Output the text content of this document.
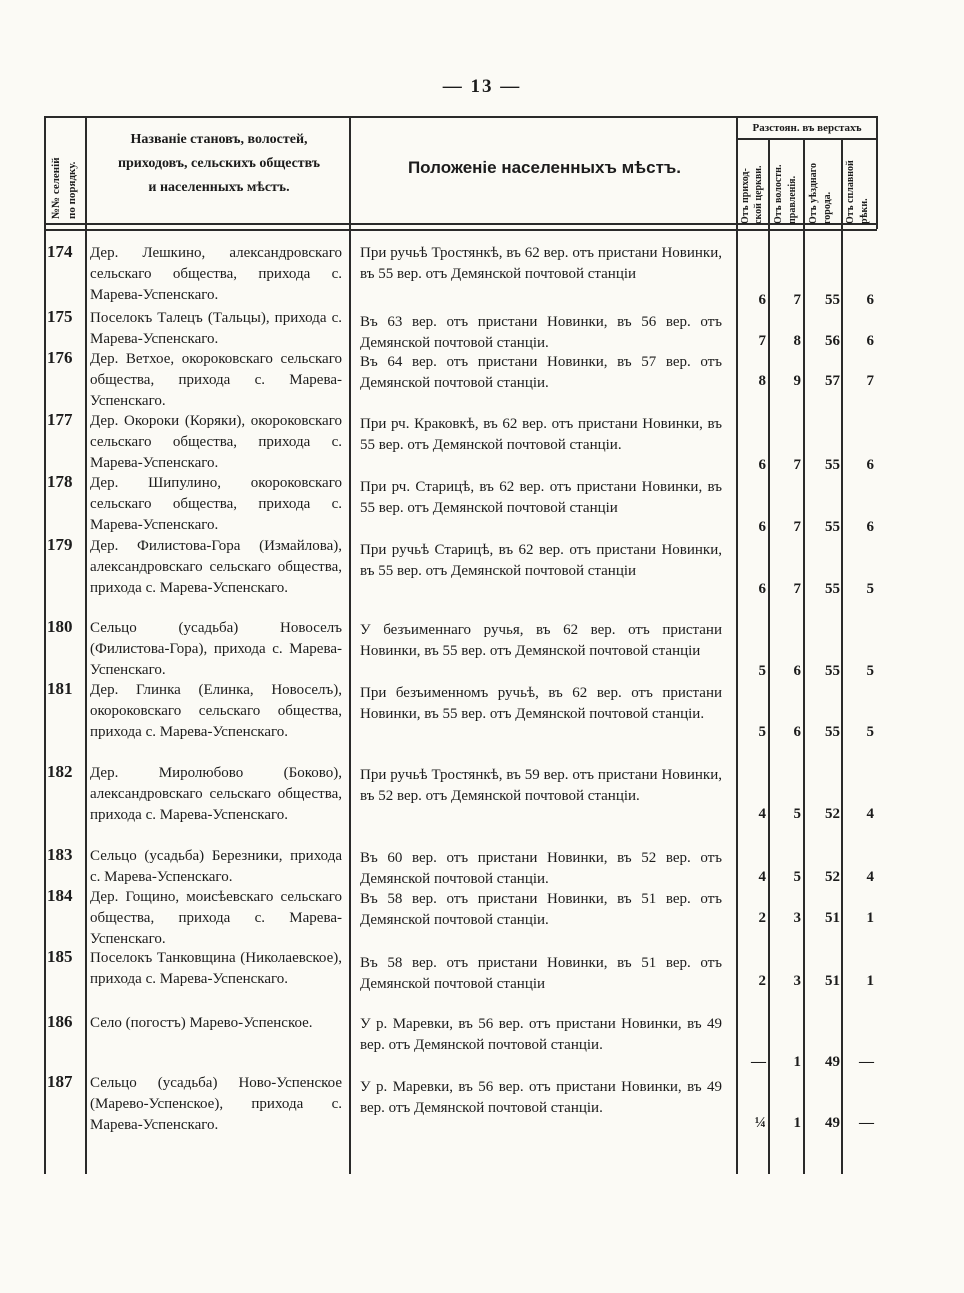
— 13 —
№№ селеній по порядку.
Названіе становъ, волостей,
приходовъ, сельскихъ обществъ
и населенныхъ мѣстъ.
Положеніе населенныхъ мѣстъ.
Разстоян. въ верстахъ
Отъ приход- ской церкви. Отъ волостн. правленія. Отъ уѣзднаго города. Отъ сплавной рѣки.
174	Дер. Лешкино, александровскаго сельскаго общества, прихода с. Марева-Успенскаго.
При ручьѣ Тростянкѣ, въ 62 вер. отъ пристани Новинки, въ 55 вер. отъ Демянской почтовой станціи
6	7	55	6
175	Поселокъ Талецъ (Тальцы), прихода с. Марева-Успенскаго.
Въ 63 вер. отъ пристани Новинки, въ 56 вер. отъ Демянской почтовой станціи.	7	8	56	6
176	Дер. Ветхое, окороковскаго сельскаго общества, прихода с. Марева-Успенскаго.
Въ 64 вер. отъ пристани Новинки, въ 57 вер. отъ Демянской почтовой станціи.	8	9	57	7
177	Дер. Окороки (Коряки), окороковскаго сельскаго общества, прихода с. Марева-Успенскаго.
При рч. Краковкѣ, въ 62 вер. отъ пристани Новинки, въ 55 вер. отъ Демянской почтовой станціи.
6	7	55	6
178	Дер. Шипулино, окороковскаго сельскаго общества, прихода с. Марева-Успенскаго.
При рч. Старицѣ, въ 62 вер. отъ пристани Новинки, въ 55 вер. отъ Демянской почтовой станціи
6	7	55	6
179	Дер. Филистова-Гора (Измайлова), александровскаго сельскаго общества, прихода с. Марева-Успенскаго.
При ручьѣ Старицѣ, въ 62 вер. отъ пристани Новинки, въ 55 вер. отъ Демянской почтовой станціи
6	7	55	5
180	Сельцо (усадьба) Новоселъ (Филистова-Гора), прихода с. Марева-Успенскаго.
У безъименнаго ручья, въ 62 вер. отъ пристани Новинки, въ 55 вер. отъ Демянской почтовой станціи
5	6	55	5
181	Дер. Глинка (Елинка, Новоселъ), окороковскаго сельскаго общества, прихода с. Марева-Успенскаго.
При безъименномъ ручьѣ, въ 62 вер. отъ пристани Новинки, въ 55 вер. отъ Демянской почтовой станціи.
5	6	55	5
182	Дер. Миролюбово (Боково), александровскаго сельскаго общества, прихода с. Марева-Успенскаго.
При ручьѣ Тростянкѣ, въ 59 вер. отъ пристани Новинки, въ 52 вер. отъ Демянской почтовой станціи.
4	5	52	4
183	Сельцо (усадьба) Березники, прихода с. Марева-Успенскаго.
Въ 60 вер. отъ пристани Новинки, въ 52 вер. отъ Демянской почтовой станціи.	4	5	52	4
184	Дер. Гощино, моисѣевскаго сельскаго общества, прихода с. Марева-Успенскаго.
Въ 58 вер. отъ пристани Новинки, въ 51 вер. отъ Демянской почтовой станціи.	2	3	51	1
185	Поселокъ Танковщина (Николаевское), прихода с. Марева-Успенскаго.
Въ 58 вер. отъ пристани Новинки, въ 51 вер. отъ Демянской почтовой станціи	2	3	51	1
186	Село (погостъ) Марево-Успенское.	У р. Маревки, въ 56 вер. отъ пристани Новинки, въ 49 вер. отъ Демянской почтовой станціи.
—	1	49	—
187	Сельцо (усадьба) Ново-Успенское (Марево-Успенское), прихода с. Марева-Успенскаго.
У р. Маревки, въ 56 вер. отъ пристани Новинки, въ 49 вер. отъ Демянской почтовой станціи.
¼	1	49	—
